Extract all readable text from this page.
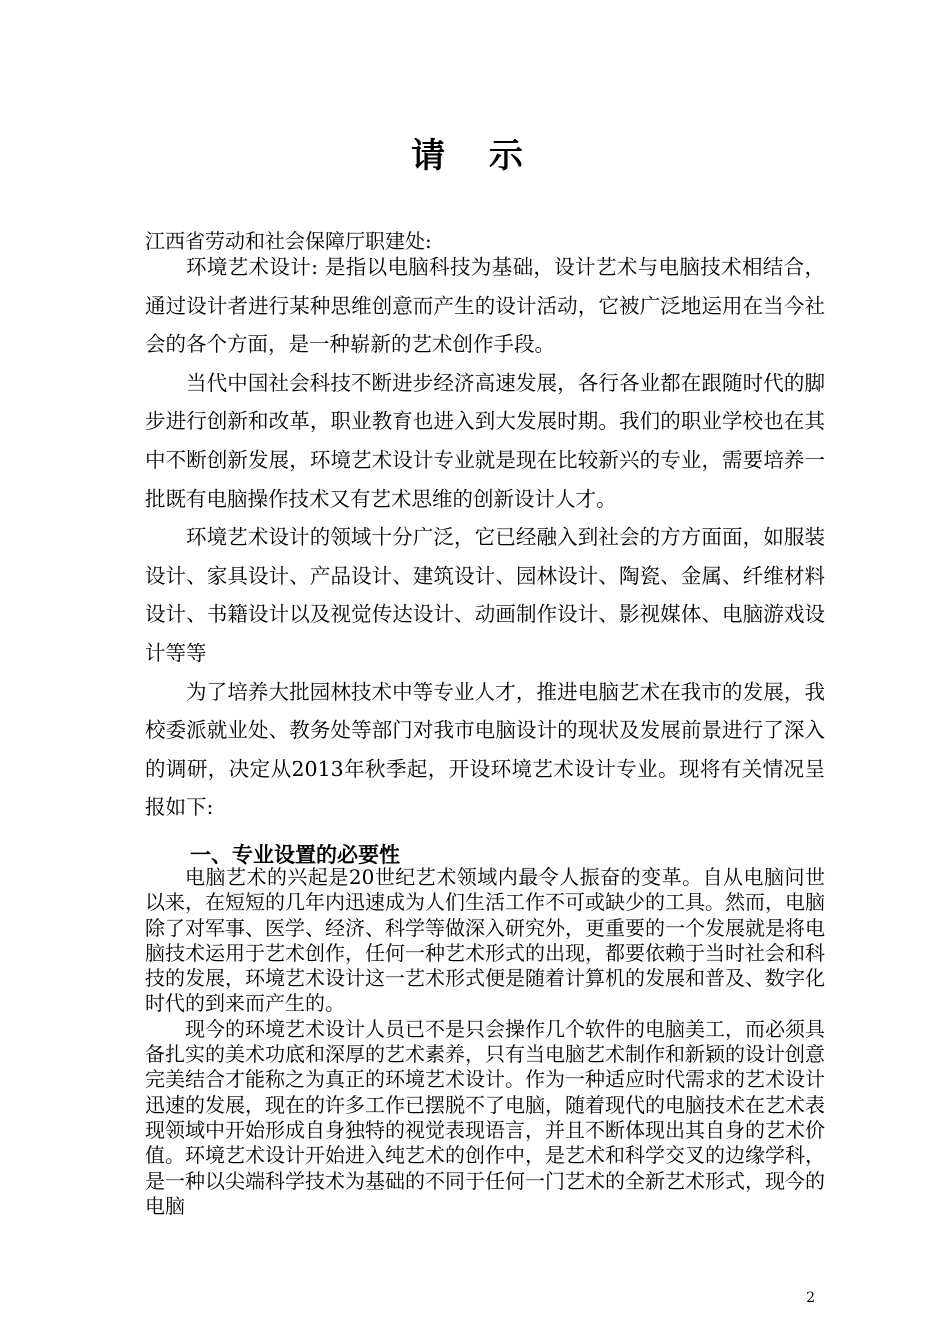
请 示
江西省劳动和社会保障厅职建处:

环境艺术设计: 是指以电脑科技为基础，设计艺术与电脑技术相结合，通过设计者进行某种思维创意而产生的设计活动，它被广泛地运用在当今社会的各个方面，是一种崭新的艺术创作手段。

当代中国社会科技不断进步经济高速发展，各行各业都在跟随时代的脚步进行创新和改革，职业教育也进入到大发展时期。我们的职业学校也在其中不断创新发展，环境艺术设计专业就是现在比较新兴的专业，需要培养一批既有电脑操作技术又有艺术思维的创新设计人才。

环境艺术设计的领域十分广泛，它已经融入到社会的方方面面，如服装设计、家具设计、产品设计、建筑设计、园林设计、陶瓷、金属、纤维材料设计、书籍设计以及视觉传达设计、动画制作设计、影视媒体、电脑游戏设计等等

为了培养大批园林技术中等专业人才，推进电脑艺术在我市的发展，我校委派就业处、教务处等部门对我市电脑设计的现状及发展前景进行了深入的调研，决定从2013年秋季起，开设环境艺术设计专业。现将有关情况呈报如下:

一、专业设置的必要性

电脑艺术的兴起是20世纪艺术领域内最令人振奋的变革。自从电脑问世以来，在短短的几年内迅速成为人们生活工作不可或缺少的工具。然而，电脑除了对军事、医学、经济、科学等做深入研究外，更重要的一个发展就是将电脑技术运用于艺术创作，任何一种艺术形式的出现，都要依赖于当时社会和科技的发展，环境艺术设计这一艺术形式便是随着计算机的发展和普及、数字化时代的到来而产生的。

现今的环境艺术设计人员已不是只会操作几个软件的电脑美工，而必须具备扎实的美术功底和深厚的艺术素养，只有当电脑艺术制作和新颖的设计创意完美结合才能称之为真正的环境艺术设计。作为一种适应时代需求的艺术设计迅速的发展，现在的许多工作已摆脱不了电脑，随着现代的电脑技术在艺术表现领域中开始形成自身独特的视觉表现语言，并且不断体现出其自身的艺术价值。环境艺术设计开始进入纯艺术的创作中，是艺术和科学交叉的边缘学科，是一种以尖端科学技术为基础的不同于任何一门艺术的全新艺术形式，现今的电脑

2
